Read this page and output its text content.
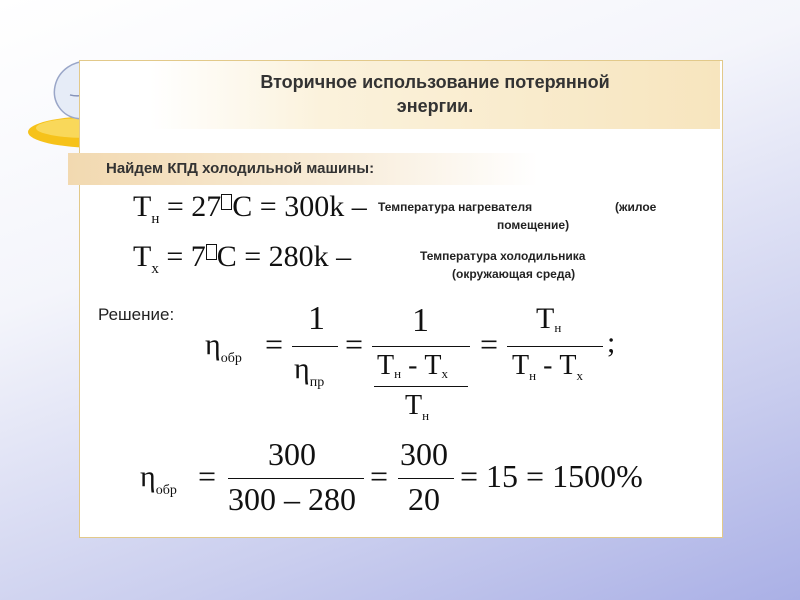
Вторичное использование потерянной
энергии.
Найдем КПД холодильной машины:
$T_н = 27$ C = 300k –
$T_x = 7$ C = 280k –
Температура нагревателя	(жилое
помещение)
Температура холодильника
(окружающая среда)
Решение:
$\eta_{обр}$ =
1
$\eta_{пр}$
=
1
Tн - Tx
$T_н$
=
Tн
$T_н - T_x$
;
$\eta_{обр}$ =
300
300 – 280
=
300
20
= 15 = 1500%
